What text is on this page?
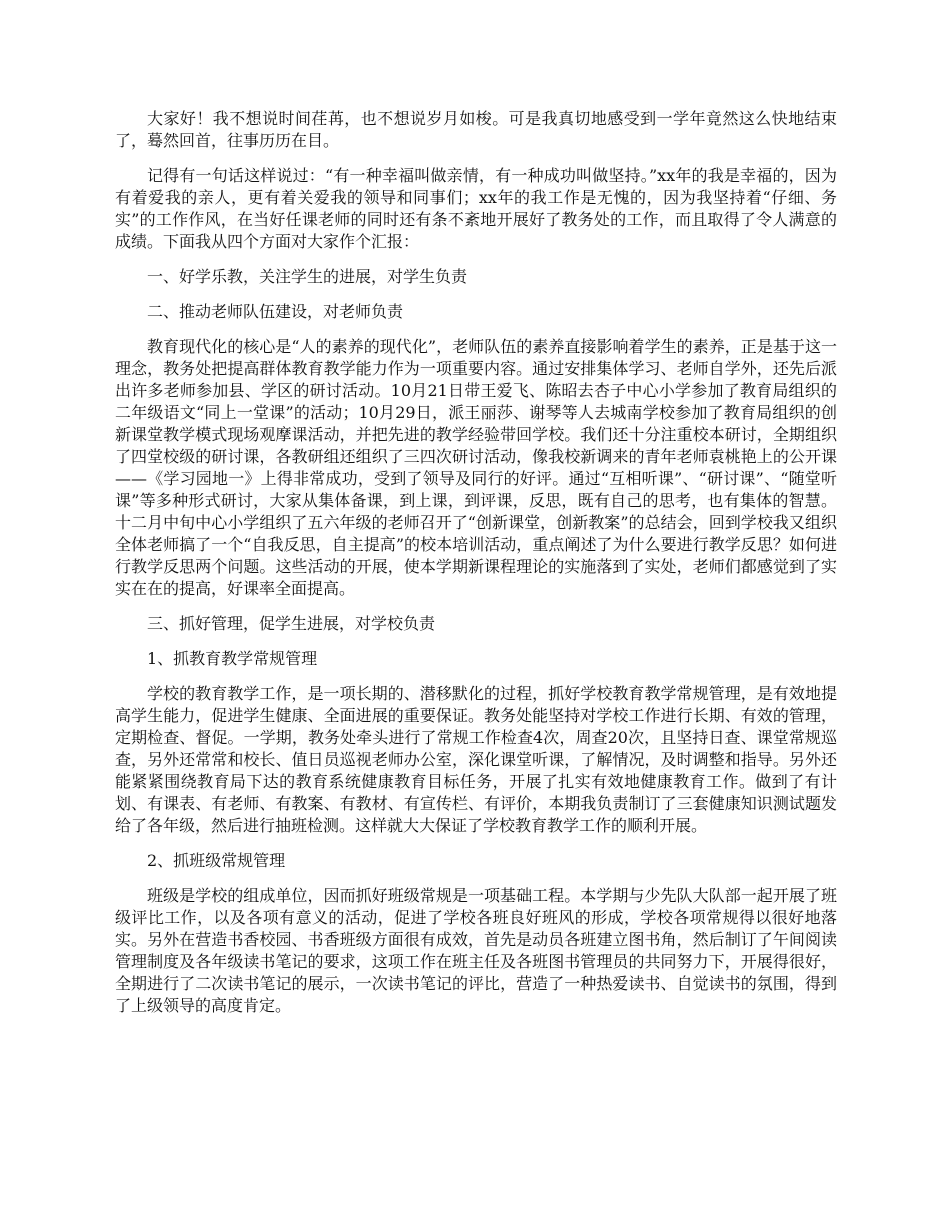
大家好！我不想说时间荏苒，也不想说岁月如梭。可是我真切地感受到一学年竟然这么快地结束了，蓦然回首，往事历历在目。

记得有一句话这样说过：“有一种幸福叫做亲情，有一种成功叫做坚持。”xx年的我是幸福的，因为有着爱我的亲人，更有着关爱我的领导和同事们；xx年的我工作是无愧的，因为我坚持着“仔细、务实”的工作作风，在当好任课老师的同时还有条不紊地开展好了教务处的工作，而且取得了令人满意的成绩。下面我从四个方面对大家作个汇报：

一、好学乐教，关注学生的进展，对学生负责

二、推动老师队伍建设，对老师负责

教育现代化的核心是“人的素养的现代化”，老师队伍的素养直接影响着学生的素养，正是基于这一理念，教务处把提高群体教育教学能力作为一项重要内容。通过安排集体学习、老师自学外，还先后派出许多老师参加县、学区的研讨活动。10月21日带王爱飞、陈昭去杏子中心小学参加了教育局组织的二年级语文“同上一堂课”的活动；10月29日，派王丽莎、谢琴等人去城南学校参加了教育局组织的创新课堂教学模式现场观摩课活动，并把先进的教学经验带回学校。我们还十分注重校本研讨，全期组织了四堂校级的研讨课，各教研组还组织了三四次研讨活动，像我校新调来的青年老师袁桃艳上的公开课——《学习园地一》上得非常成功，受到了领导及同行的好评。通过“互相听课”、“研讨课”、“随堂听课”等多种形式研讨，大家从集体备课，到上课，到评课，反思，既有自己的思考，也有集体的智慧。十二月中旬中心小学组织了五六年级的老师召开了“创新课堂，创新教案”的总结会，回到学校我又组织全体老师搞了一个“自我反思，自主提高”的校本培训活动，重点阐述了为什么要进行教学反思？如何进行教学反思两个问题。这些活动的开展，使本学期新课程理论的实施落到了实处，老师们都感觉到了实实在在的提高，好课率全面提高。

三、抓好管理，促学生进展，对学校负责

1、抓教育教学常规管理

学校的教育教学工作，是一项长期的、潜移默化的过程，抓好学校教育教学常规管理，是有效地提高学生能力，促进学生健康、全面进展的重要保证。教务处能坚持对学校工作进行长期、有效的管理，定期检查、督促。一学期，教务处牵头进行了常规工作检查4次，周查20次，且坚持日查、课堂常规巡查，另外还常常和校长、值日员巡视老师办公室，深化课堂听课，了解情况，及时调整和指导。另外还能紧紧围绕教育局下达的教育系统健康教育目标任务，开展了扎实有效地健康教育工作。做到了有计划、有课表、有老师、有教案、有教材、有宣传栏、有评价，本期我负责制订了三套健康知识测试题发给了各年级，然后进行抽班检测。这样就大大保证了学校教育教学工作的顺利开展。

2、抓班级常规管理

班级是学校的组成单位，因而抓好班级常规是一项基础工程。本学期与少先队大队部一起开展了班级评比工作，以及各项有意义的活动，促进了学校各班良好班风的形成，学校各项常规得以很好地落实。另外在营造书香校园、书香班级方面很有成效，首先是动员各班建立图书角，然后制订了午间阅读管理制度及各年级读书笔记的要求，这项工作在班主任及各班图书管理员的共同努力下，开展得很好，全期进行了二次读书笔记的展示，一次读书笔记的评比，营造了一种热爱读书、自觉读书的氛围，得到了上级领导的高度肯定。
